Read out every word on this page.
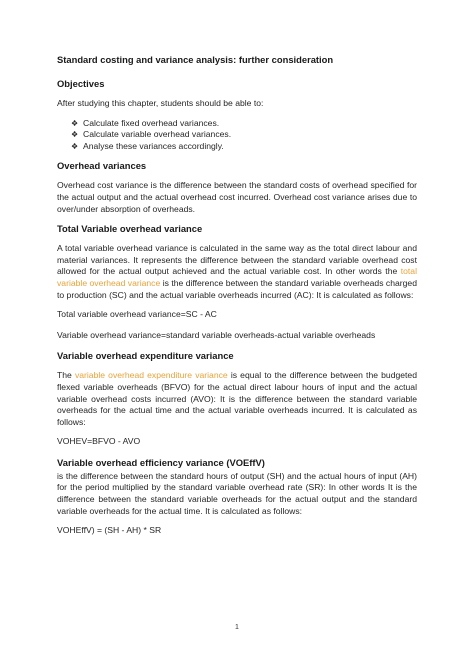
Standard costing and variance analysis: further consideration
Objectives

After studying this chapter, students should be able to:

❖ Calculate fixed overhead variances.
❖ Calculate variable overhead variances.
❖ Analyse these variances accordingly.
Overhead variances

Overhead cost variance is the difference between the standard costs of overhead specified for the actual output and the actual overhead cost incurred. Overhead cost variance arises due to over/under absorption of overheads.

Total Variable overhead variance

A total variable overhead variance is calculated in the same way as the total direct labour and material variances. It represents the difference between the standard variable overhead cost allowed for the actual output achieved and the actual variable cost. In other words the total variable overhead variance is the difference between the standard variable overheads charged to production (SC) and the actual variable overheads incurred (AC): It is calculated as follows:

Total variable overhead variance=SC - AC

Variable overhead variance=standard variable overheads-actual variable overheads

Variable overhead expenditure variance

The variable overhead expenditure variance is equal to the difference between the budgeted flexed variable overheads (BFVO) for the actual direct labour hours of input and the actual variable overhead costs incurred (AVO): It is the difference between the standard variable overheads for the actual time and the actual variable overheads incurred. It is calculated as follows:

VOHEV=BFVO - AVO

Variable overhead efficiency variance (VOEffV)

is the difference between the standard hours of output (SH) and the actual hours of input (AH) for the period multiplied by the standard variable overhead rate (SR): In other words It is the difference between the standard variable overheads for the actual output and the standard variable overheads for the actual time. It is calculated as follows:

VOHEffV) = (SH - AH) * SR

1
